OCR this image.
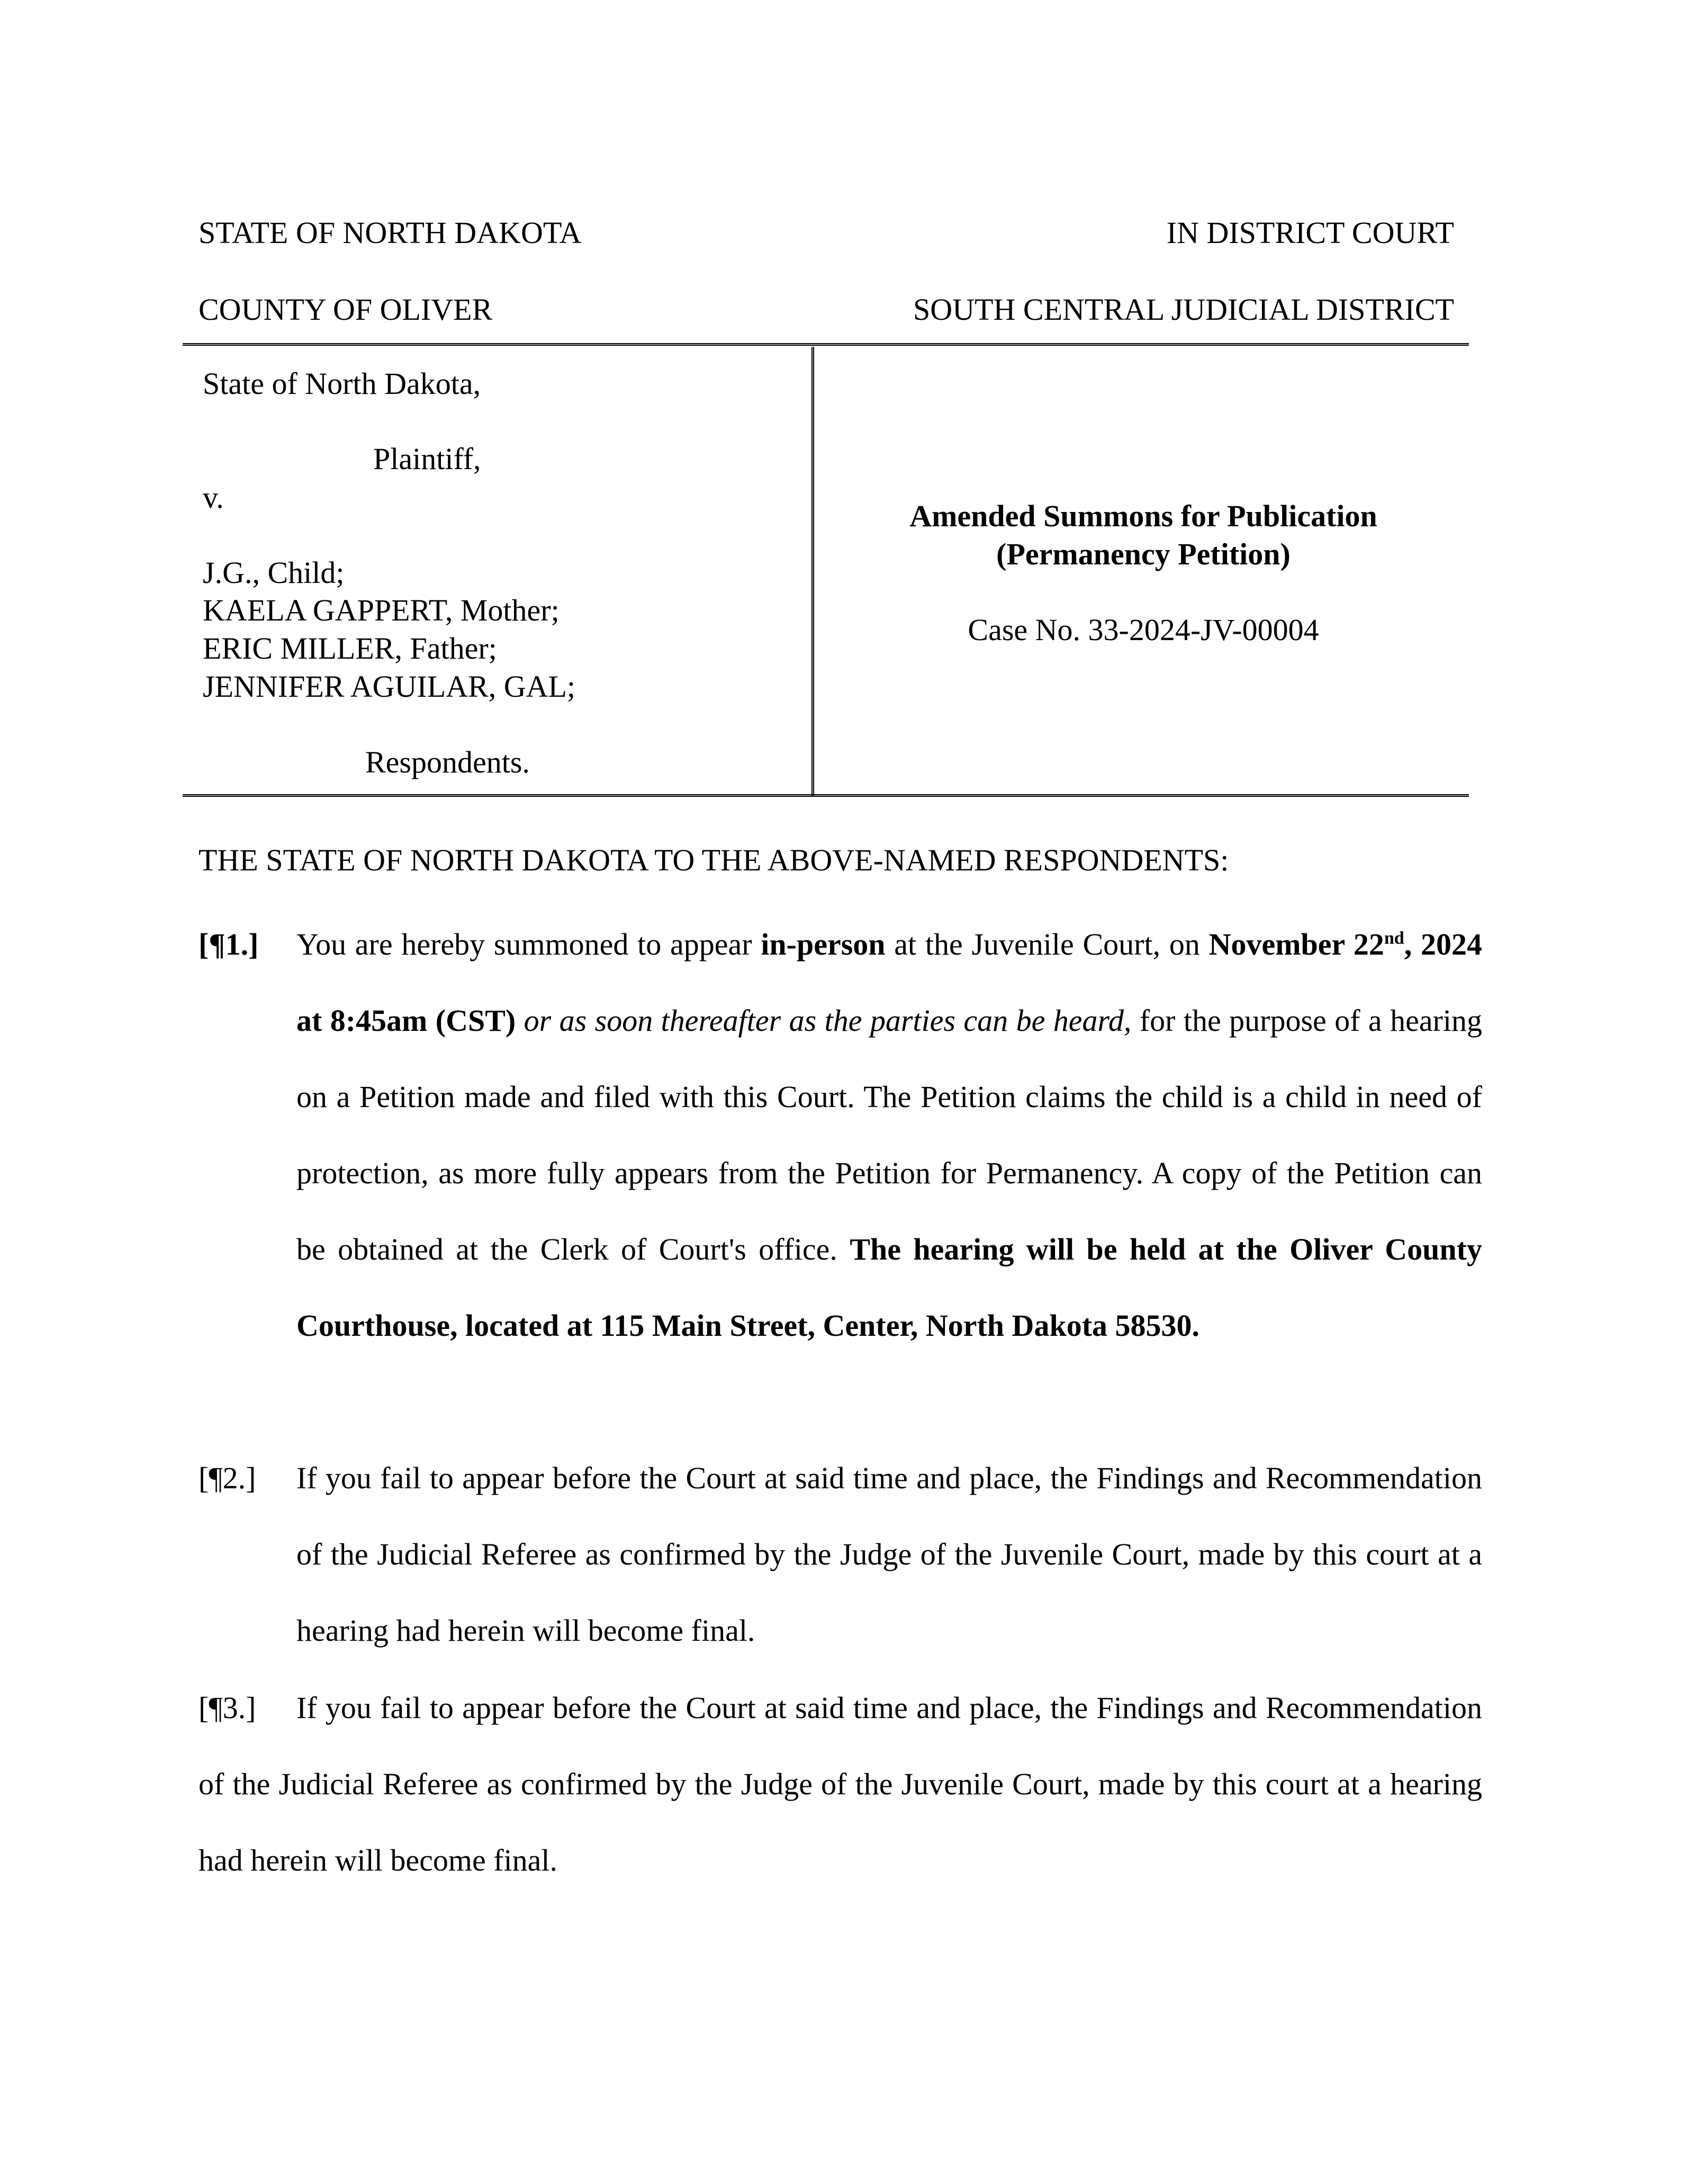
STATE OF NORTH DAKOTA	IN DISTRICT COURT
COUNTY OF OLIVER	SOUTH CENTRAL JUDICIAL DISTRICT
State of North Dakota,
Plaintiff,
v.
J.G., Child;
KAELA GAPPERT, Mother;
ERIC MILLER, Father;
JENNIFER AGUILAR, GAL;
Respondents.
Amended Summons for Publication
(Permanency Petition)
Case No. 33-2024-JV-00004
THE STATE OF NORTH DAKOTA TO THE ABOVE-NAMED RESPONDENTS:
[¶1.] You are hereby summoned to appear in-person at the Juvenile Court, on November 22nd, 2024 at 8:45am (CST) or as soon thereafter as the parties can be heard, for the purpose of a hearing on a Petition made and filed with this Court. The Petition claims the child is a child in need of protection, as more fully appears from the Petition for Permanency. A copy of the Petition can be obtained at the Clerk of Court's office. The hearing will be held at the Oliver County Courthouse, located at 115 Main Street, Center, North Dakota 58530.
[¶2.] If you fail to appear before the Court at said time and place, the Findings and Recommendation of the Judicial Referee as confirmed by the Judge of the Juvenile Court, made by this court at a hearing had herein will become final.
[¶3.]	If you fail to appear before the Court at said time and place, the Findings and Recommendation of the Judicial Referee as confirmed by the Judge of the Juvenile Court, made by this court at a hearing had herein will become final.
